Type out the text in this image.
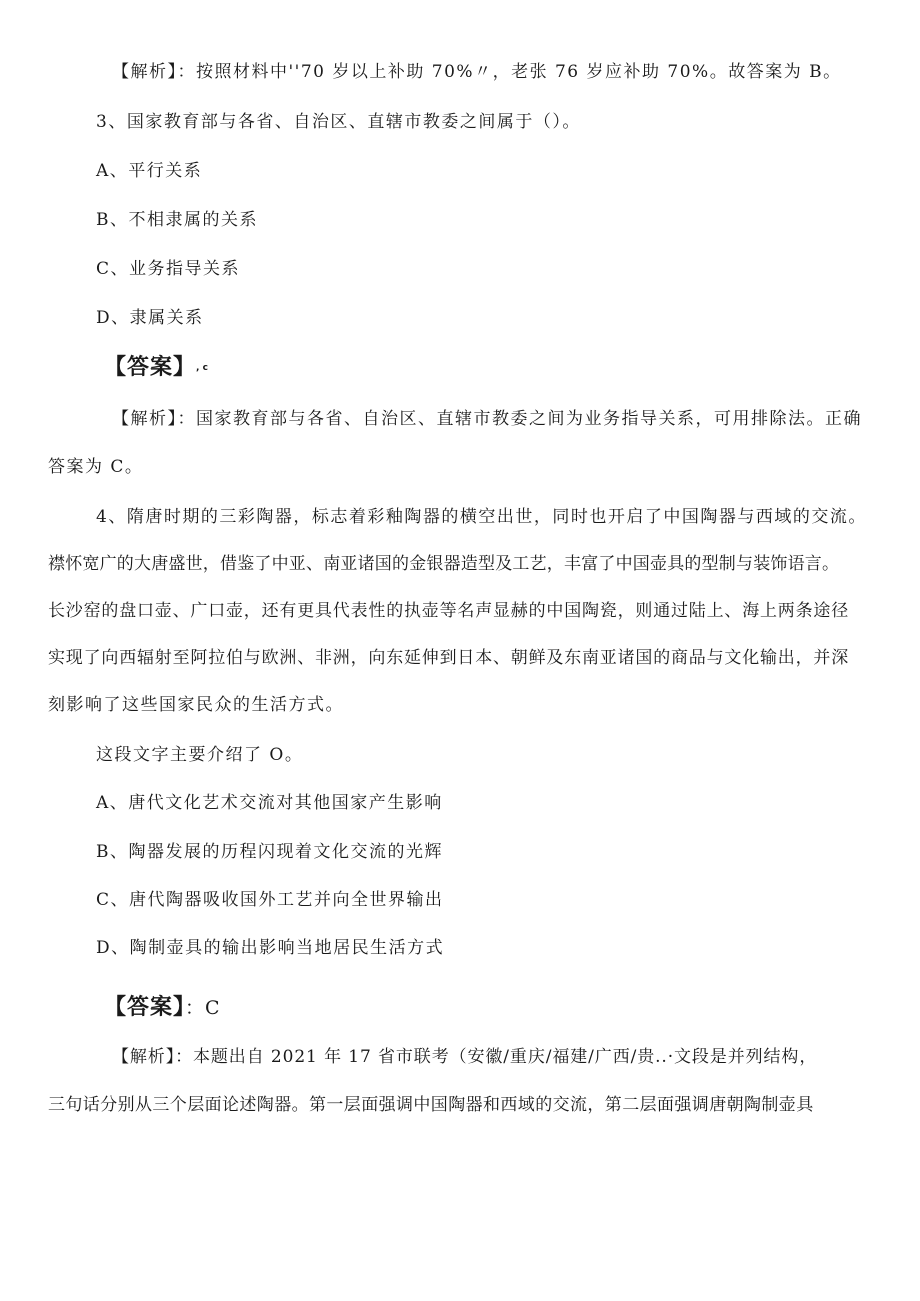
【解析】：按照材料中''70 岁以上补助 70%〃，老张 76 岁应补助 70%。故答案为 B。
3、国家教育部与各省、自治区、直辖市教委之间属于（）。
A、平行关系
B、不相隶属的关系
C、业务指导关系
D、隶属关系
【答案】, c
【解析】：国家教育部与各省、自治区、直辖市教委之间为业务指导关系，可用排除法。正确
答案为 C。
4、隋唐时期的三彩陶器，标志着彩釉陶器的横空出世，同时也开启了中国陶器与西域的交流。
襟怀宽广的大唐盛世，借鉴了中亚、南亚诸国的金银器造型及工艺，丰富了中国壶具的型制与装饰语言。
长沙窑的盘口壶、广口壶，还有更具代表性的执壶等名声显赫的中国陶瓷，则通过陆上、海上两条途径
实现了向西辐射至阿拉伯与欧洲、非洲，向东延伸到日本、朝鲜及东南亚诸国的商品与文化输出，并深
刻影响了这些国家民众的生活方式。
这段文字主要介绍了 O。
A、唐代文化艺术交流对其他国家产生影响
B、陶器发展的历程闪现着文化交流的光辉
C、唐代陶器吸收国外工艺并向全世界输出
D、陶制壶具的输出影响当地居民生活方式
【答案】：C
【解析】：本题出自 2021 年 17 省市联考（安徽/重庆/福建/广西/贵..·文段是并列结构，
三句话分别从三个层面论述陶器。第一层面强调中国陶器和西域的交流，第二层面强调唐朝陶制壶具
